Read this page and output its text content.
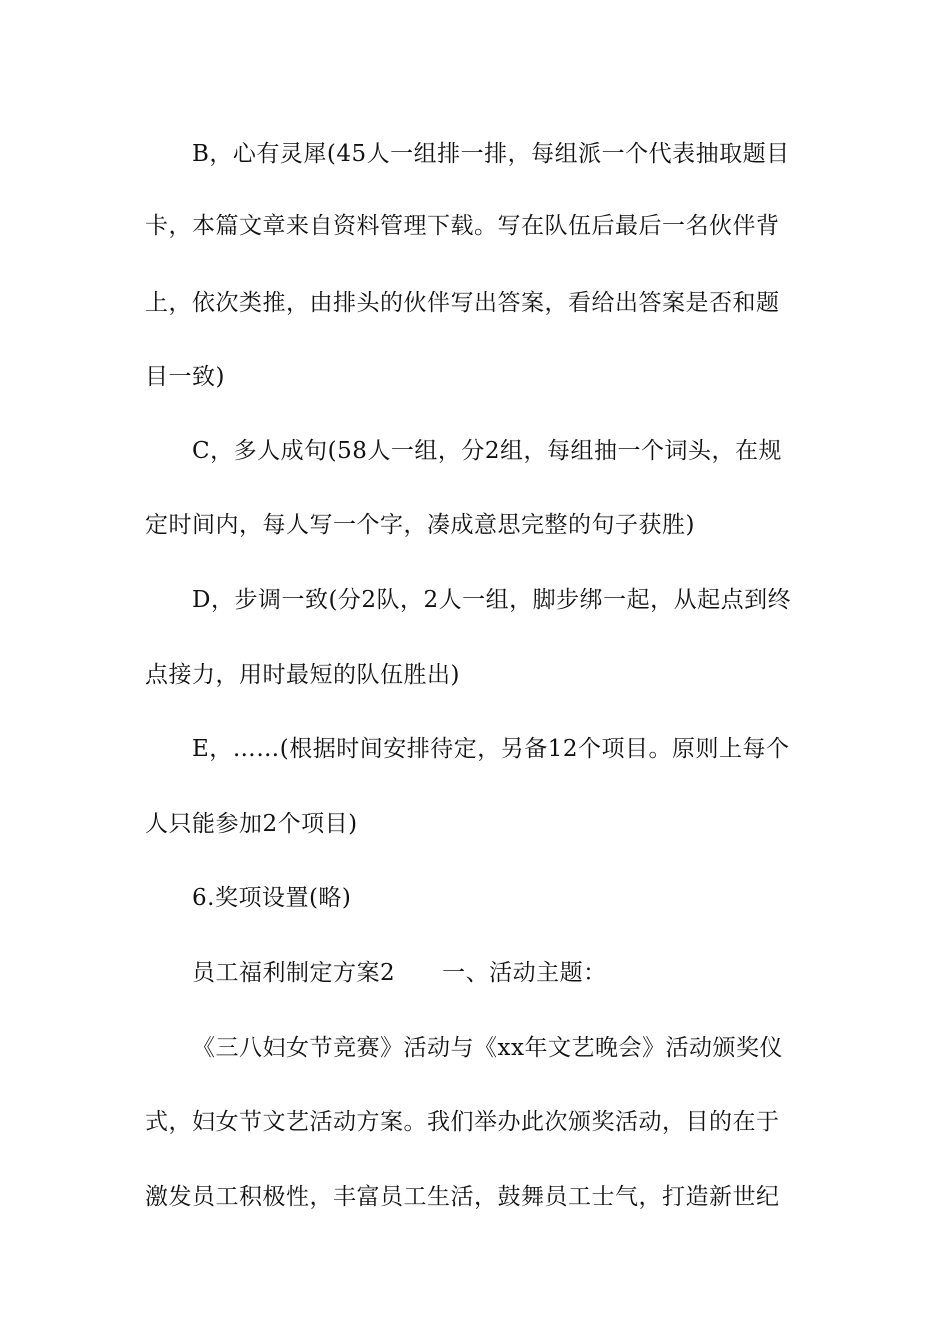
B，心有灵犀(45人一组排一排，每组派一个代表抽取题目
卡，本篇文章来自资料管理下载。写在队伍后最后一名伙伴背
上，依次类推，由排头的伙伴写出答案，看给出答案是否和题
目一致)
C，多人成句(58人一组，分2组，每组抽一个词头，在规
定时间内，每人写一个字，凑成意思完整的句子获胜)
D，步调一致(分2队，2人一组，脚步绑一起，从起点到终
点接力，用时最短的队伍胜出)
E，……(根据时间安排待定，另备12个项目。原则上每个
人只能参加2个项目)
6.奖项设置(略)
员工福利制定方案2　　一、活动主题：
《三八妇女节竞赛》活动与《xx年文艺晚会》活动颁奖仪
式，妇女节文艺活动方案。我们举办此次颁奖活动，目的在于
激发员工积极性，丰富员工生活，鼓舞员工士气，打造新世纪
